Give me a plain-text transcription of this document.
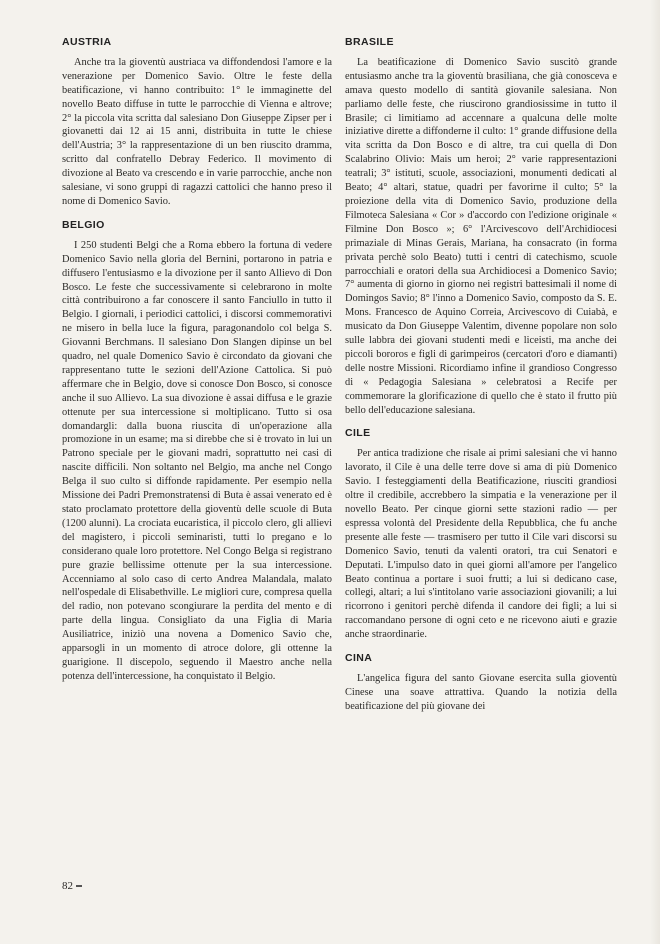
AUSTRIA

Anche tra la gioventù austriaca va diffondendosi l'amore e la venerazione per Domenico Savio. Oltre le feste della beatificazione, vi hanno contribuito: 1° le immaginette del novello Beato diffuse in tutte le parrocchie di Vienna e altrove; 2° la piccola vita scritta dal salesiano Don Giuseppe Zipser per i giovanetti dai 12 ai 15 anni, distribuita in tutte le chiese dell'Austria; 3° la rappresentazione di un ben riuscito dramma, scritto dal confratello Debray Federico. Il movimento di divozione al Beato va crescendo e in varie parrocchie, anche non salesiane, vi sono gruppi di ragazzi cattolici che hanno preso il nome di Domenico Savio.

BELGIO

I 250 studenti Belgi che a Roma ebbero la fortuna di vedere Domenico Savio nella gloria del Bernini, portarono in patria e diffusero l'entusiasmo e la divozione per il santo Allievo di Don Bosco. Le feste che successivamente si celebrarono in molte città contribuirono a far conoscere il santo Fanciullo in tutto il Belgio. I giornali, i periodici cattolici, i discorsi commemorativi ne misero in bella luce la figura, paragonandolo col belga S. Giovanni Berchmans. Il salesiano Don Slangen dipinse un bel quadro, nel quale Domenico Savio è circondato da giovani che rappresentano tutte le sezioni dell'Azione Cattolica. Si può affermare che in Belgio, dove si conosce Don Bosco, si conosce anche il suo Allievo. La sua divozione è assai diffusa e le grazie ottenute per sua intercessione si moltiplicano. Tutto si osa domandargli: dalla buona riuscita di un'operazione alla promozione in un esame; ma si direbbe che si è trovato in lui un Patrono speciale per le giovani madri, soprattutto nei casi di nascite difficili. Non soltanto nel Belgio, ma anche nel Congo Belga il suo culto si diffonde rapidamente. Per esempio nella Missione dei Padri Premonstratensi di Buta è assai venerato ed è stato proclamato protettore della gioventù delle scuole di Buta (1200 alunni). La crociata eucaristica, il piccolo clero, gli allievi del magistero, i piccoli seminaristi, tutti lo pregano e lo considerano quale loro protettore. Nel Congo Belga si registrano pure grazie bellissime ottenute per la sua intercessione. Accenniamo al solo caso di certo Andrea Malandala, malato nell'ospedale di Elisabethville. Le migliori cure, compresa quella del radio, non potevano scongiurare la perdita del mento e di parte della lingua. Consigliato da una Figlia di Maria Ausiliatrice, iniziò una novena a Domenico Savio che, apparsogli in un momento di atroce dolore, gli ottenne la guarigione. Il discepolo, seguendo il Maestro anche nella potenza dell'intercessione, ha conquistato il Belgio.

BRASILE

La beatificazione di Domenico Savio suscitò grande entusiasmo anche tra la gioventù brasiliana, che già conosceva e amava questo modello di santità giovanile salesiana. Non parliamo delle feste, che riuscirono grandiosissime in tutto il Brasile; ci limitiamo ad accennare a qualcuna delle molte iniziative dirette a diffonderne il culto: 1° grande diffusione della vita scritta da Don Bosco e di altre, tra cui quella di Don Scalabrino Olivio: Mais um heroi; 2° varie rappresentazioni teatrali; 3° istituti, scuole, associazioni, monumenti dedicati al Beato; 4° altari, statue, quadri per favorirne il culto; 5° la proiezione della vita di Domenico Savio, produzione della Filmoteca Salesiana « Cor » d'accordo con l'edizione originale « Filmine Don Bosco »; 6° l'Arcivescovo dell'Archidiocesi primaziale di Minas Gerais, Mariana, ha consacrato (in forma privata perchè solo Beato) tutti i centri di catechismo, scuole parrocchiali e oratori della sua Archidiocesi a Domenico Savio; 7° aumenta di giorno in giorno nei registri battesimali il nome di Domingos Savio; 8° l'inno a Domenico Savio, composto da S. E. Mons. Francesco de Aquino Correia, Arcivescovo di Cuiabà, e musicato da Don Giuseppe Valentim, divenne popolare non solo sulle labbra dei giovani studenti medi e liceisti, ma anche dei piccoli bororos e figli di garimpeiros (cercatori d'oro e diamanti) delle nostre Missioni. Ricordiamo infine il grandioso Congresso di « Pedagogia Salesiana » celebratosi a Recife per commemorare la glorificazione di quello che è stato il frutto più bello dell'educazione salesiana.

CILE

Per antica tradizione che risale ai primi salesiani che vi hanno lavorato, il Cile è una delle terre dove si ama di più Domenico Savio. I festeggiamenti della Beatificazione, riusciti grandiosi oltre il credibile, accrebbero la simpatia e la venerazione per il novello Beato. Per cinque giorni sette stazioni radio — per espressa volontà del Presidente della Repubblica, che fu anche presente alle feste — trasmisero per tutto il Cile vari discorsi su Domenico Savio, tenuti da valenti oratori, tra cui Senatori e Deputati. L'impulso dato in quei giorni all'amore per l'angelico Beato continua a portare i suoi frutti; a lui si dedicano case, collegi, altari; a lui s'intitolano varie associazioni giovanili; a lui ricorrono i genitori perchè difenda il candore dei figli; a lui si raccomandano persone di ogni ceto e ne ricevono aiuti e grazie anche straordinarie.

CINA

L'angelica figura del santo Giovane esercita sulla gioventù Cinese una soave attrattiva. Quando la notizia della beatificazione del più giovane dei

82
